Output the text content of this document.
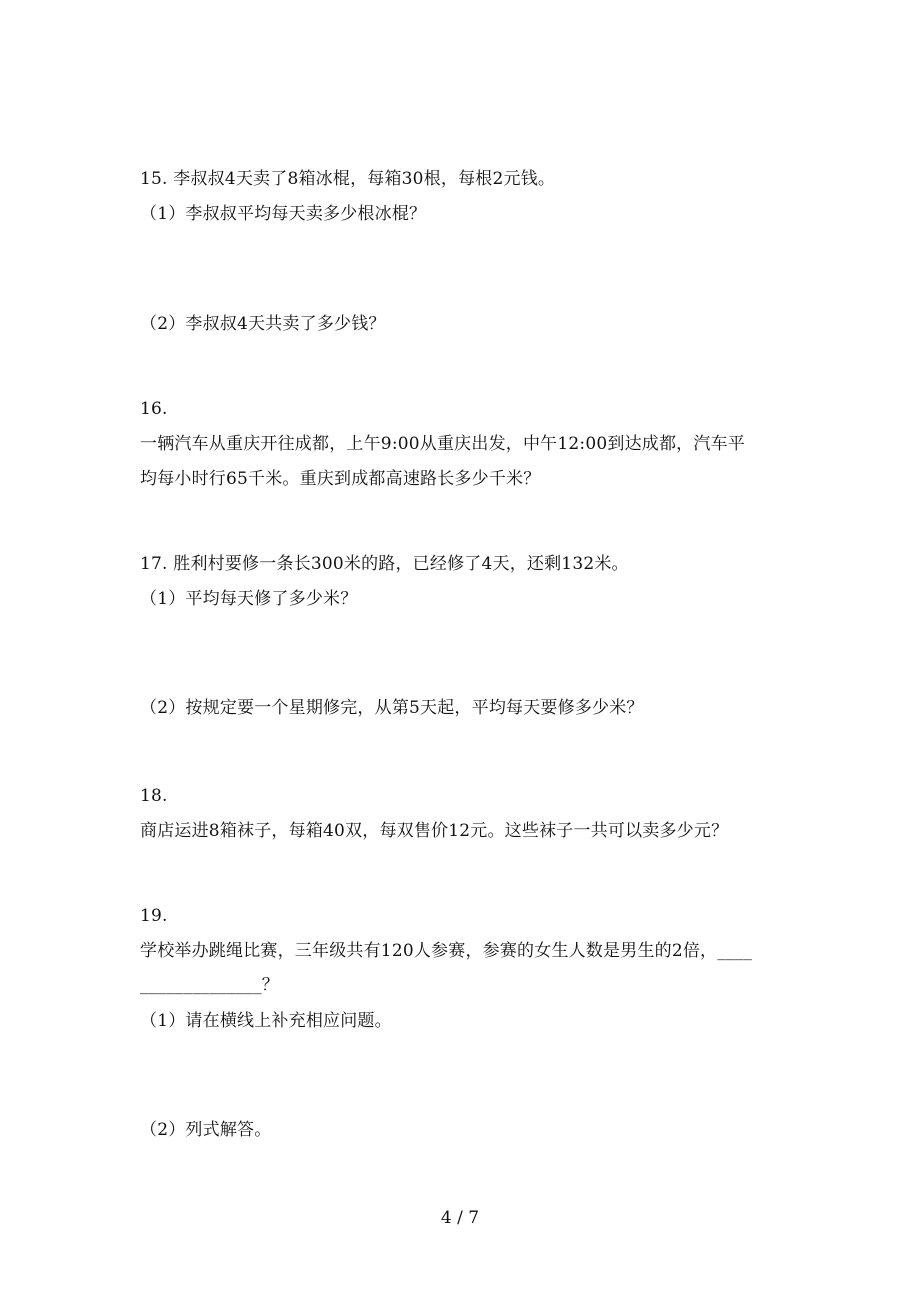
15. 李叔叔4天卖了8箱冰棍，每箱30根，每根2元钱。
（1）李叔叔平均每天卖多少根冰棍？
（2）李叔叔4天共卖了多少钱？
16.
一辆汽车从重庆开往成都，上午9:00从重庆出发，中午12:00到达成都，汽车平
均每小时行65千米。重庆到成都高速路长多少千米？
17. 胜利村要修一条长300米的路，已经修了4天，还剩132米。
（1）平均每天修了多少米？
（2）按规定要一个星期修完，从第5天起，平均每天要修多少米？
18.
商店运进8箱袜子，每箱40双，每双售价12元。这些袜子一共可以卖多少元？
19.
学校举办跳绳比赛，三年级共有120人参赛，参赛的女生人数是男生的2倍，____
______________？
（1）请在横线上补充相应问题。
（2）列式解答。
4 / 7
